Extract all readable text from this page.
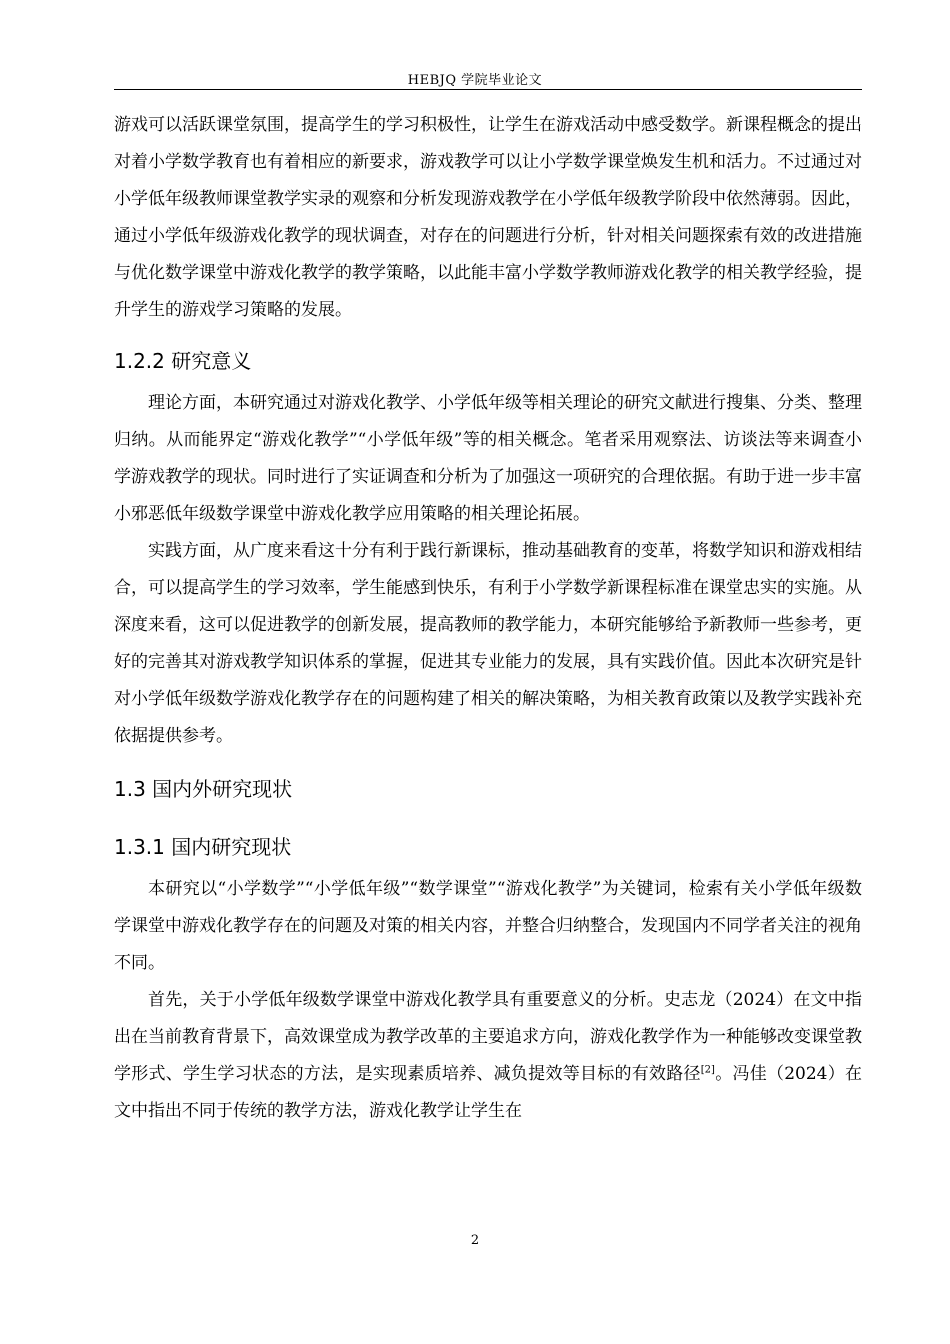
HEBJQ 学院毕业论文

游戏可以活跃课堂氛围，提高学生的学习积极性，让学生在游戏活动中感受数学。新课程概念的提出对着小学数学教育也有着相应的新要求，游戏教学可以让小学数学课堂焕发生机和活力。不过通过对小学低年级教师课堂教学实录的观察和分析发现游戏教学在小学低年级教学阶段中依然薄弱。因此，通过小学低年级游戏化教学的现状调查，对存在的问题进行分析，针对相关问题探索有效的改进措施与优化数学课堂中游戏化教学的教学策略，以此能丰富小学数学教师游戏化教学的相关教学经验，提升学生的游戏学习策略的发展。

1.2.2 研究意义

理论方面，本研究通过对游戏化教学、小学低年级等相关理论的研究文献进行搜集、分类、整理归纳。从而能界定“游戏化教学”“小学低年级”等的相关概念。笔者采用观察法、访谈法等来调查小学游戏教学的现状。同时进行了实证调查和分析为了加强这一项研究的合理依据。有助于进一步丰富小邪恶低年级数学课堂中游戏化教学应用策略的相关理论拓展。

实践方面，从广度来看这十分有利于践行新课标，推动基础教育的变革，将数学知识和游戏相结合，可以提高学生的学习效率，学生能感到快乐，有利于小学数学新课程标准在课堂忠实的实施。从深度来看，这可以促进教学的创新发展，提高教师的教学能力，本研究能够给予新教师一些参考，更好的完善其对游戏教学知识体系的掌握，促进其专业能力的发展，具有实践价值。因此本次研究是针对小学低年级数学游戏化教学存在的问题构建了相关的解决策略，为相关教育政策以及教学实践补充依据提供参考。

1.3 国内外研究现状
1.3.1 国内研究现状

本研究以“小学数学”“小学低年级”“数学课堂”“游戏化教学”为关键词，检索有关小学低年级数学课堂中游戏化教学存在的问题及对策的相关内容，并整合归纳整合，发现国内不同学者关注的视角不同。

首先，关于小学低年级数学课堂中游戏化教学具有重要意义的分析。史志龙（2024）在文中指出在当前教育背景下，高效课堂成为教学改革的主要追求方向，游戏化教学作为一种能够改变课堂教学形式、学生学习状态的方法，是实现素质培养、减负提效等目标的有效路径[2]。冯佳（2024）在文中指出不同于传统的教学方法，游戏化教学让学生在

2
